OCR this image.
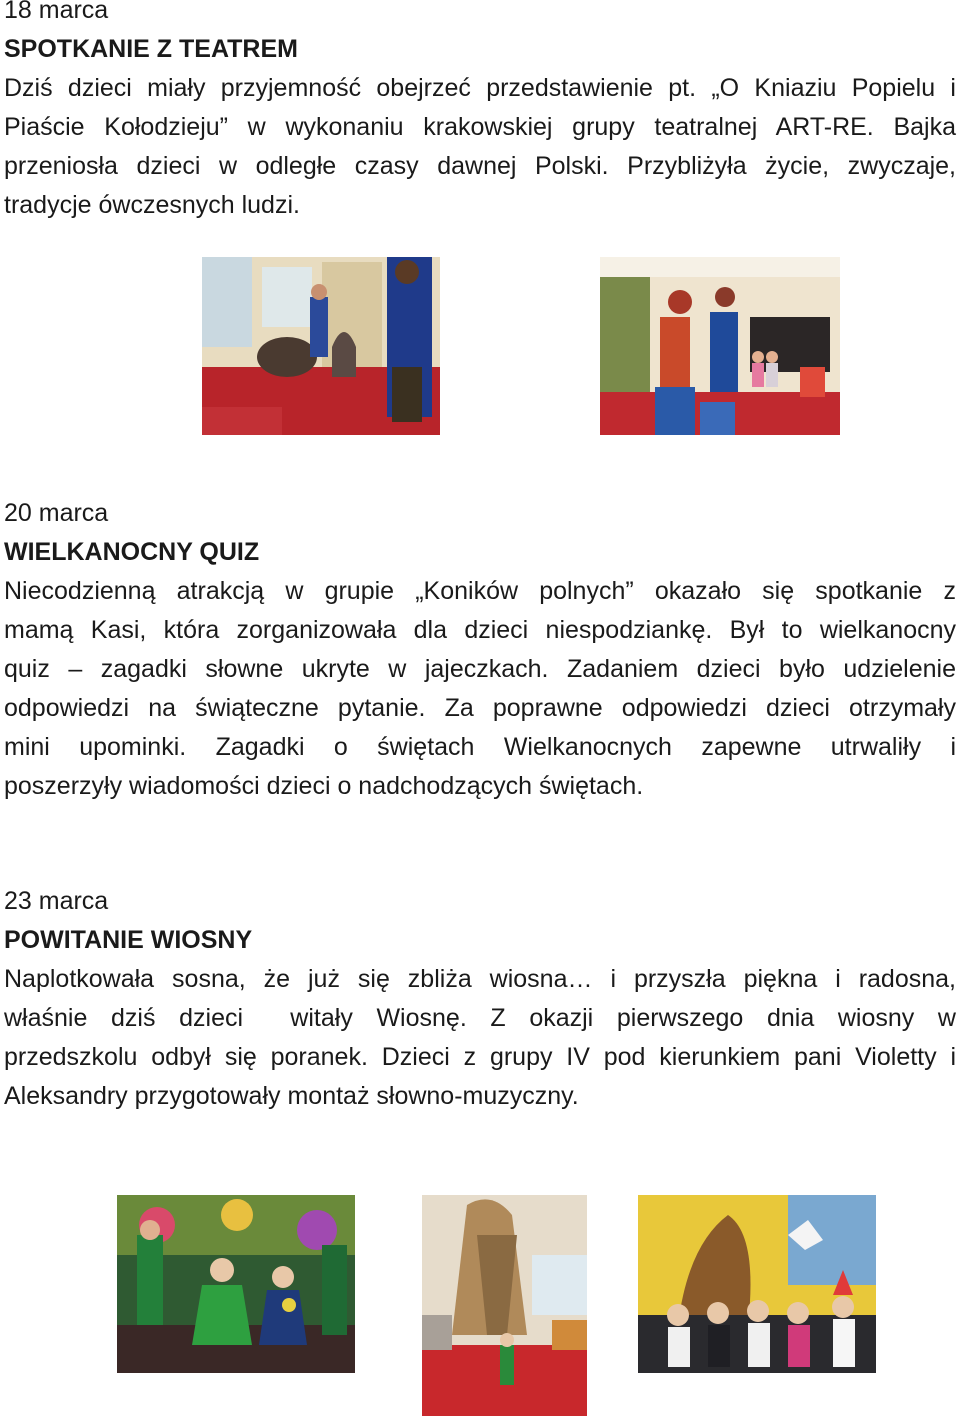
18 marca
SPOTKANIE Z TEATREM
Dziś dzieci miały przyjemność obejrzeć przedstawienie pt. „O Kniaziu Popielu i
Piaście Kołodzieju” w wykonaniu krakowskiej grupy teatralnej ART-RE. Bajka
przeniosła dzieci w odległe czasy dawnej Polski. Przybliżyła życie, zwyczaje,
tradycje ówczesnych ludzi.
20 marca
WIELKANOCNY QUIZ
Niecodzienną atrakcją w grupie „Koników polnych” okazało się spotkanie z
mamą Kasi, która zorganizowała dla dzieci niespodziankę. Był to wielkanocny
quiz – zagadki słowne ukryte w jajeczkach. Zadaniem dzieci było udzielenie
odpowiedzi na świąteczne pytanie. Za poprawne odpowiedzi dzieci otrzymały
mini upominki. Zagadki o świętach Wielkanocnych zapewne utrwaliły i
poszerzyły wiadomości dzieci o nadchodzących świętach.
23 marca
POWITANIE WIOSNY
Naplotkowała sosna, że już się zbliża wiosna… i przyszła piękna i radosna,
właśnie dziś dzieci  witały Wiosnę. Z okazji pierwszego dnia wiosny w
przedszkolu odbył się poranek. Dzieci z grupy IV pod kierunkiem pani Violetty i
Aleksandry przygotowały montaż słowno-muzyczny.
